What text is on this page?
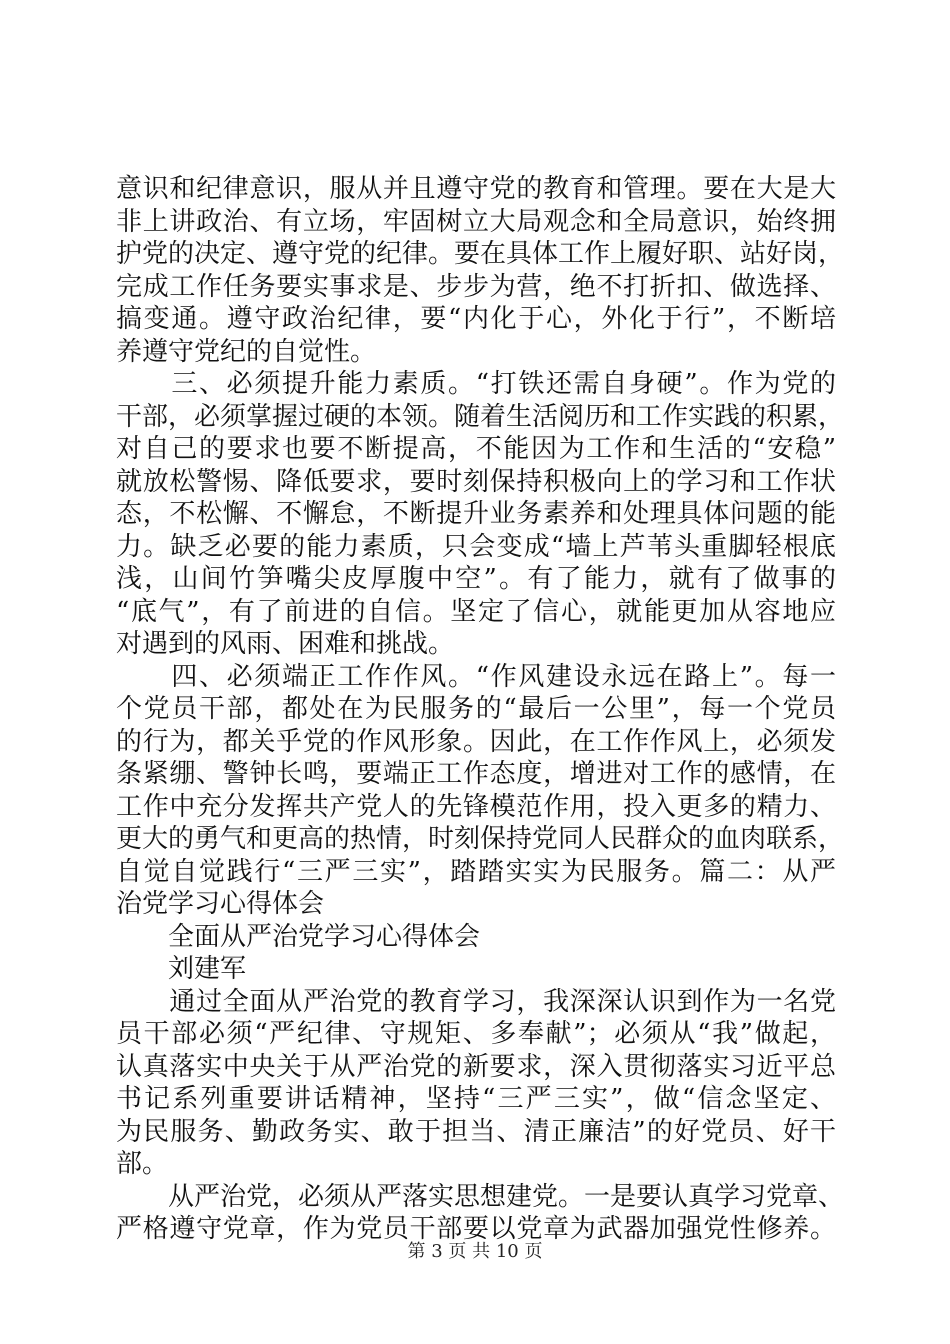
意识和纪律意识，服从并且遵守党的教育和管理。要在大是大
非上讲政治、有立场，牢固树立大局观念和全局意识，始终拥
护党的决定、遵守党的纪律。要在具体工作上履好职、站好岗，
完成工作任务要实事求是、步步为营，绝不打折扣、做选择、
搞变通。遵守政治纪律，要“内化于心，外化于行”，不断培
养遵守党纪的自觉性。
　　三、必须提升能力素质。“打铁还需自身硬”。作为党的
干部，必须掌握过硬的本领。随着生活阅历和工作实践的积累，
对自己的要求也要不断提高，不能因为工作和生活的“安稳”
就放松警惕、降低要求，要时刻保持积极向上的学习和工作状
态，不松懈、不懈怠，不断提升业务素养和处理具体问题的能
力。缺乏必要的能力素质，只会变成“墙上芦苇头重脚轻根底
浅，山间竹笋嘴尖皮厚腹中空”。有了能力，就有了做事的
“底气”，有了前进的自信。坚定了信心，就能更加从容地应
对遇到的风雨、困难和挑战。
　　四、必须端正工作作风。“作风建设永远在路上”。每一
个党员干部，都处在为民服务的“最后一公里”，每一个党员
的行为，都关乎党的作风形象。因此，在工作作风上，必须发
条紧绷、警钟长鸣，要端正工作态度，增进对工作的感情，在
工作中充分发挥共产党人的先锋模范作用，投入更多的精力、
更大的勇气和更高的热情，时刻保持党同人民群众的血肉联系，
自觉自觉践行“三严三实”，踏踏实实为民服务。篇二：从严
治党学习心得体会
　　全面从严治党学习心得体会
　　刘建军
　　通过全面从严治党的教育学习，我深深认识到作为一名党
员干部必须“严纪律、守规矩、多奉献”；必须从“我”做起，
认真落实中央关于从严治党的新要求，深入贯彻落实习近平总
书记系列重要讲话精神，坚持“三严三实”，做“信念坚定、
为民服务、勤政务实、敢于担当、清正廉洁”的好党员、好干
部。
　　从严治党，必须从严落实思想建党。一是要认真学习党章、
严格遵守党章，作为党员干部要以党章为武器加强党性修养。
第 3 页 共 10 页
